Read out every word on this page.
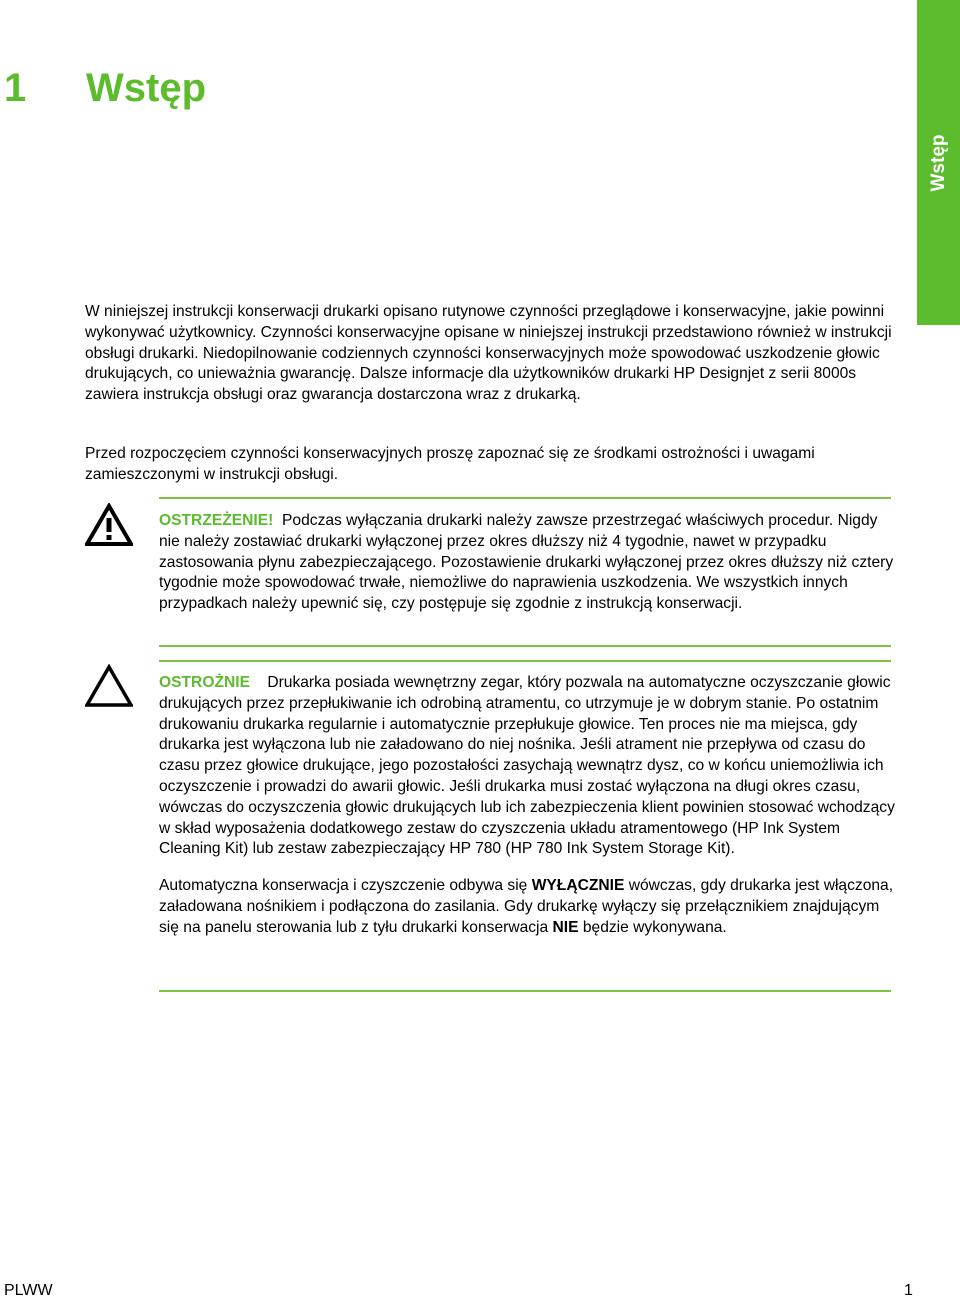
Wstęp
1 Wstęp

W niniejszej instrukcji konserwacji drukarki opisano rutynowe czynności przeglądowe i konserwacyjne, jakie powinni wykonywać użytkownicy. Czynności konserwacyjne opisane w niniejszej instrukcji przedstawiono również w instrukcji obsługi drukarki. Niedopilnowanie codziennych czynności konserwacyjnych może spowodować uszkodzenie głowic drukujących, co unieważnia gwarancję. Dalsze informacje dla użytkowników drukarki HP Designjet z serii 8000s zawiera instrukcja obsługi oraz gwarancja dostarczona wraz z drukarką.

Przed rozpoczęciem czynności konserwacyjnych proszę zapoznać się ze środkami ostrożności i uwagami zamieszczonymi w instrukcji obsługi.

OSTRZEŻENIE! Podczas wyłączania drukarki należy zawsze przestrzegać właściwych procedur. Nigdy nie należy zostawiać drukarki wyłączonej przez okres dłuższy niż 4 tygodnie, nawet w przypadku zastosowania płynu zabezpieczającego. Pozostawienie drukarki wyłączonej przez okres dłuższy niż cztery tygodnie może spowodować trwałe, niemożliwe do naprawienia uszkodzenia. We wszystkich innych przypadkach należy upewnić się, czy postępuje się zgodnie z instrukcją konserwacji.

OSTROŻNIE Drukarka posiada wewnętrzny zegar, który pozwala na automatyczne oczyszczanie głowic drukujących przez przepłukiwanie ich odrobiną atramentu, co utrzymuje je w dobrym stanie. Po ostatnim drukowaniu drukarka regularnie i automatycznie przepłukuje głowice. Ten proces nie ma miejsca, gdy drukarka jest wyłączona lub nie załadowano do niej nośnika. Jeśli atrament nie przepływa od czasu do czasu przez głowice drukujące, jego pozostałości zasychają wewnątrz dysz, co w końcu uniemożliwia ich oczyszczenie i prowadzi do awarii głowic. Jeśli drukarka musi zostać wyłączona na długi okres czasu, wówczas do oczyszczenia głowic drukujących lub ich zabezpieczenia klient powinien stosować wchodzący w skład wyposażenia dodatkowego zestaw do czyszczenia układu atramentowego (HP Ink System Cleaning Kit) lub zestaw zabezpieczający HP 780 (HP 780 Ink System Storage Kit).

Automatyczna konserwacja i czyszczenie odbywa się WYŁĄCZNIE wówczas, gdy drukarka jest włączona, załadowana nośnikiem i podłączona do zasilania. Gdy drukarkę wyłączy się przełącznikiem znajdującym się na panelu sterowania lub z tyłu drukarki konserwacja NIE będzie wykonywana.

PLWW	1
